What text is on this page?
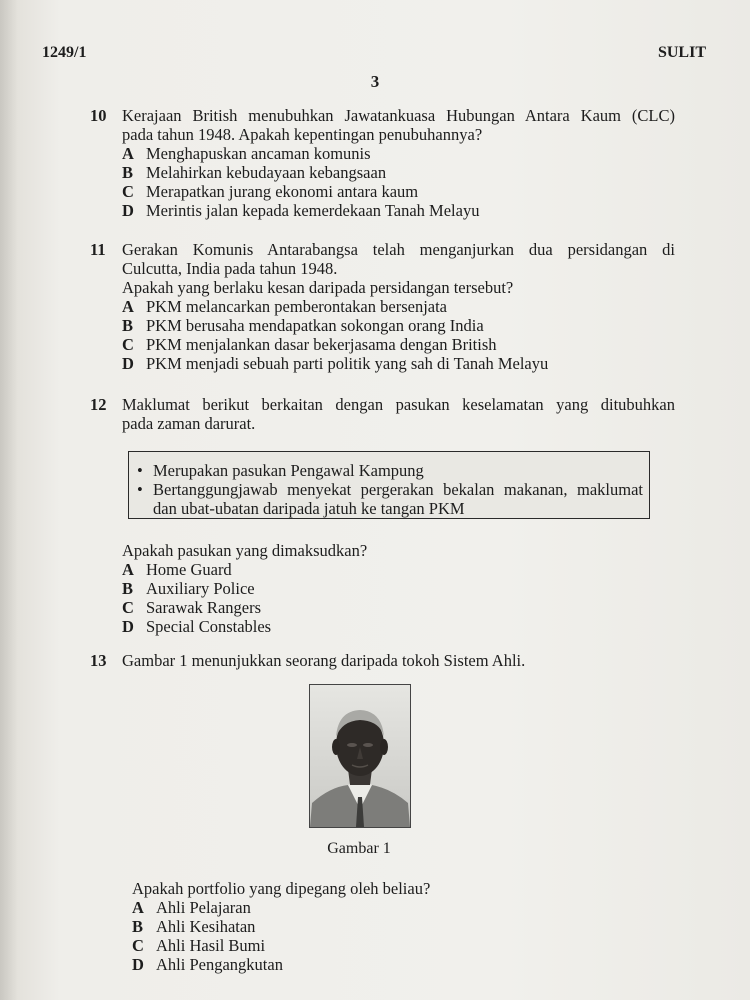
1249/1	SULIT
3
10 Kerajaan British menubuhkan Jawatankuasa Hubungan Antara Kaum (CLC)

pada tahun 1948. Apakah kepentingan penubuhannya?

A Menghapuskan ancaman komunis
B Melahirkan kebudayaan kebangsaan
C Merapatkan jurang ekonomi antara kaum
D Merintis jalan kepada kemerdekaan Tanah Melayu
11 Gerakan Komunis Antarabangsa telah menganjurkan dua persidangan di

Culcutta, India pada tahun 1948.

Apakah yang berlaku kesan daripada persidangan tersebut?

A PKM melancarkan pemberontakan bersenjata
B PKM berusaha mendapatkan sokongan orang India
C PKM menjalankan dasar bekerjasama dengan British
D PKM menjadi sebuah parti politik yang sah di Tanah Melayu
12 Maklumat berikut berkaitan dengan pasukan keselamatan yang ditubuhkan

pada zaman darurat.

• Merupakan pasukan Pengawal Kampung
• Bertanggungjawab menyekat pergerakan bekalan makanan, maklumat
dan ubat-ubatan daripada jatuh ke tangan PKM
Apakah pasukan yang dimaksudkan?
A Home Guard
B Auxiliary Police
C Sarawak Rangers
D Special Constables
13 Gambar 1 menunjukkan seorang daripada tokoh Sistem Ahli.

Gambar 1
Apakah portfolio yang dipegang oleh beliau?
A Ahli Pelajaran
B Ahli Kesihatan
C Ahli Hasil Bumi
D Ahli Pengangkutan
